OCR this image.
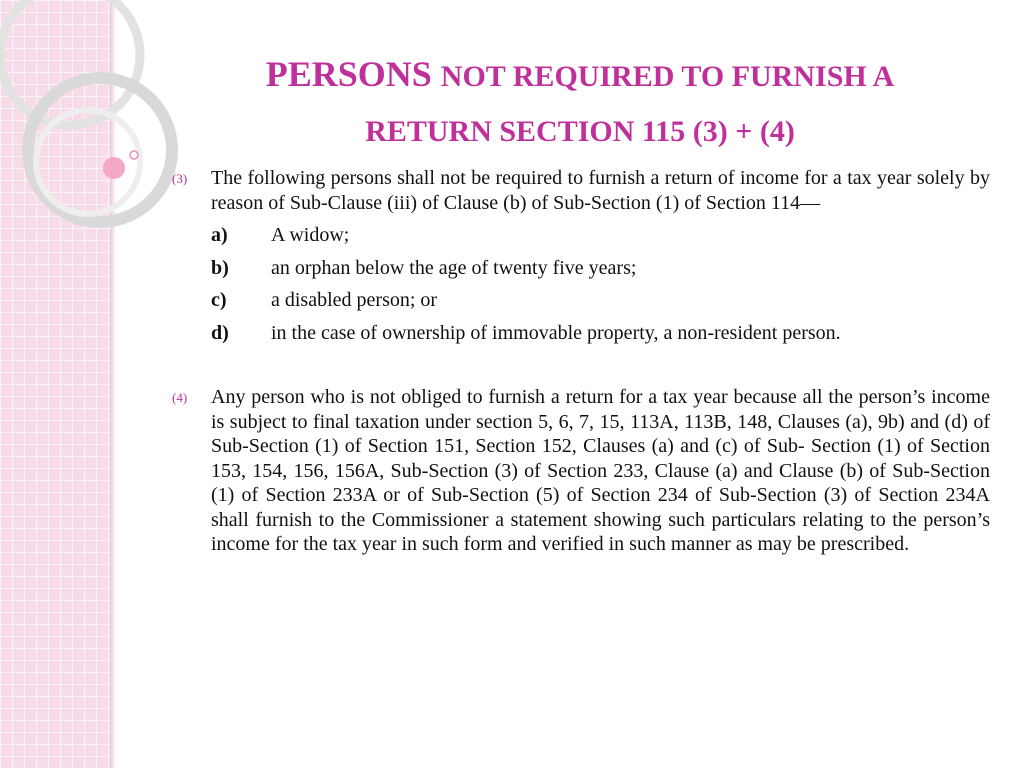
PERSONS NOT REQUIRED TO FURNISH A
RETURN SECTION 115 (3) + (4)
(3) The following persons shall not be required to furnish a return of income for a tax year solely by reason of Sub-Clause (iii) of Clause (b) of Sub-Section (1) of Section 114—
a) A widow;
b) an orphan below the age of twenty five years;
c) a disabled person; or
d) in the case of ownership of immovable property, a non-resident person.
(4) Any person who is not obliged to furnish a return for a tax year because all the person’s income is subject to final taxation under section 5, 6, 7, 15, 113A, 113B, 148, Clauses (a), 9b) and (d) of Sub-Section (1) of Section 151, Section 152, Clauses (a) and (c) of Sub- Section (1) of Section 153, 154, 156, 156A, Sub-Section (3) of Section 233, Clause (a) and Clause (b) of Sub-Section (1) of Section 233A or of Sub-Section (5) of Section 234 of Sub-Section (3) of Section 234A shall furnish to the Commissioner a statement showing such particulars relating to the person’s income for the tax year in such form and verified in such manner as may be prescribed.
